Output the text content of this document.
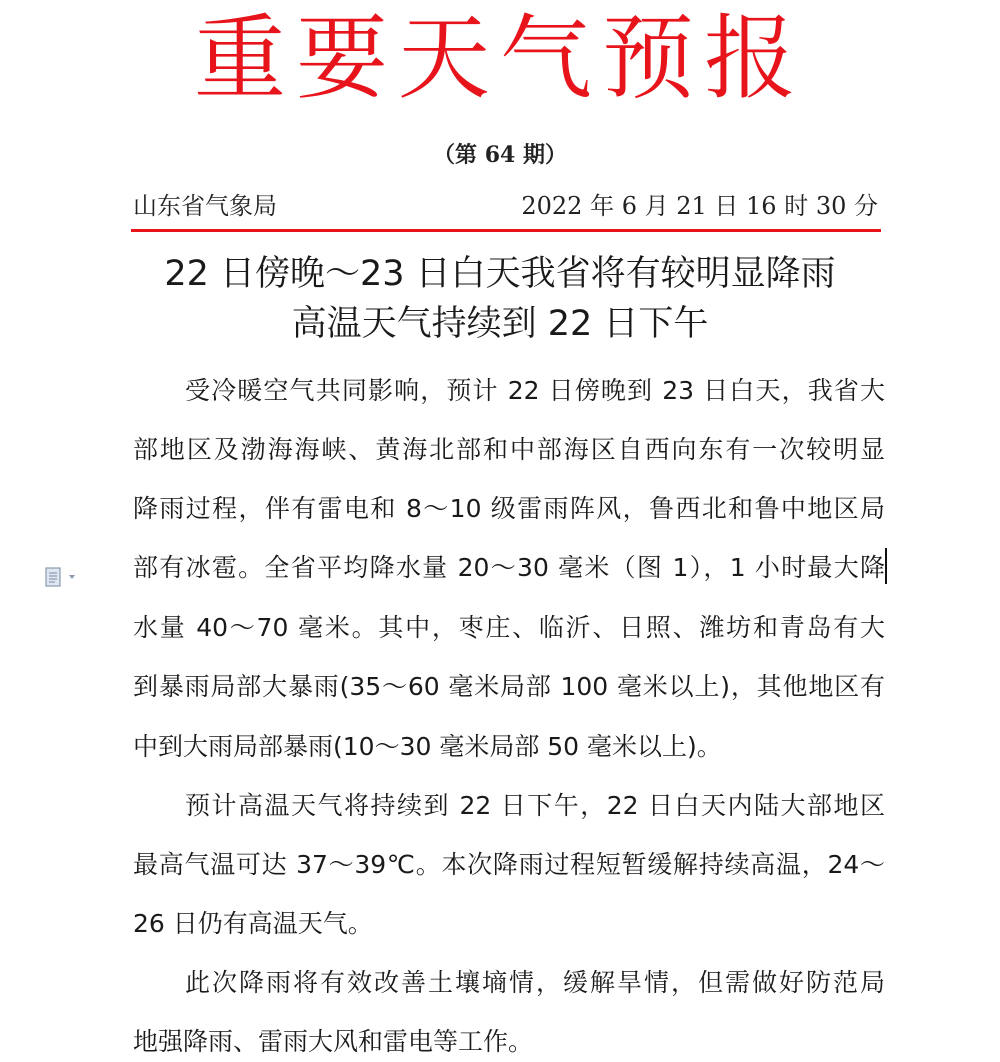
重要天气预报
（第 64 期）
山东省气象局	2022 年 6 月 21 日 16 时 30 分
22 日傍晚～23 日白天我省将有较明显降雨
高温天气持续到 22 日下午
受冷暖空气共同影响，预计 22 日傍晚到 23 日白天，我省大
部地区及渤海海峡、黄海北部和中部海区自西向东有一次较明显
降雨过程，伴有雷电和 8～10 级雷雨阵风，鲁西北和鲁中地区局
部有冰雹。全省平均降水量 20～30 毫米（图 1），1 小时最大降
水量 40～70 毫米。其中，枣庄、临沂、日照、潍坊和青岛有大
到暴雨局部大暴雨(35～60 毫米局部 100 毫米以上)，其他地区有
中到大雨局部暴雨(10～30 毫米局部 50 毫米以上)。
预计高温天气将持续到 22 日下午，22 日白天内陆大部地区
最高气温可达 37～39℃。本次降雨过程短暂缓解持续高温，24～
26 日仍有高温天气。
此次降雨将有效改善土壤墒情，缓解旱情，但需做好防范局
地强降雨、雷雨大风和雷电等工作。
